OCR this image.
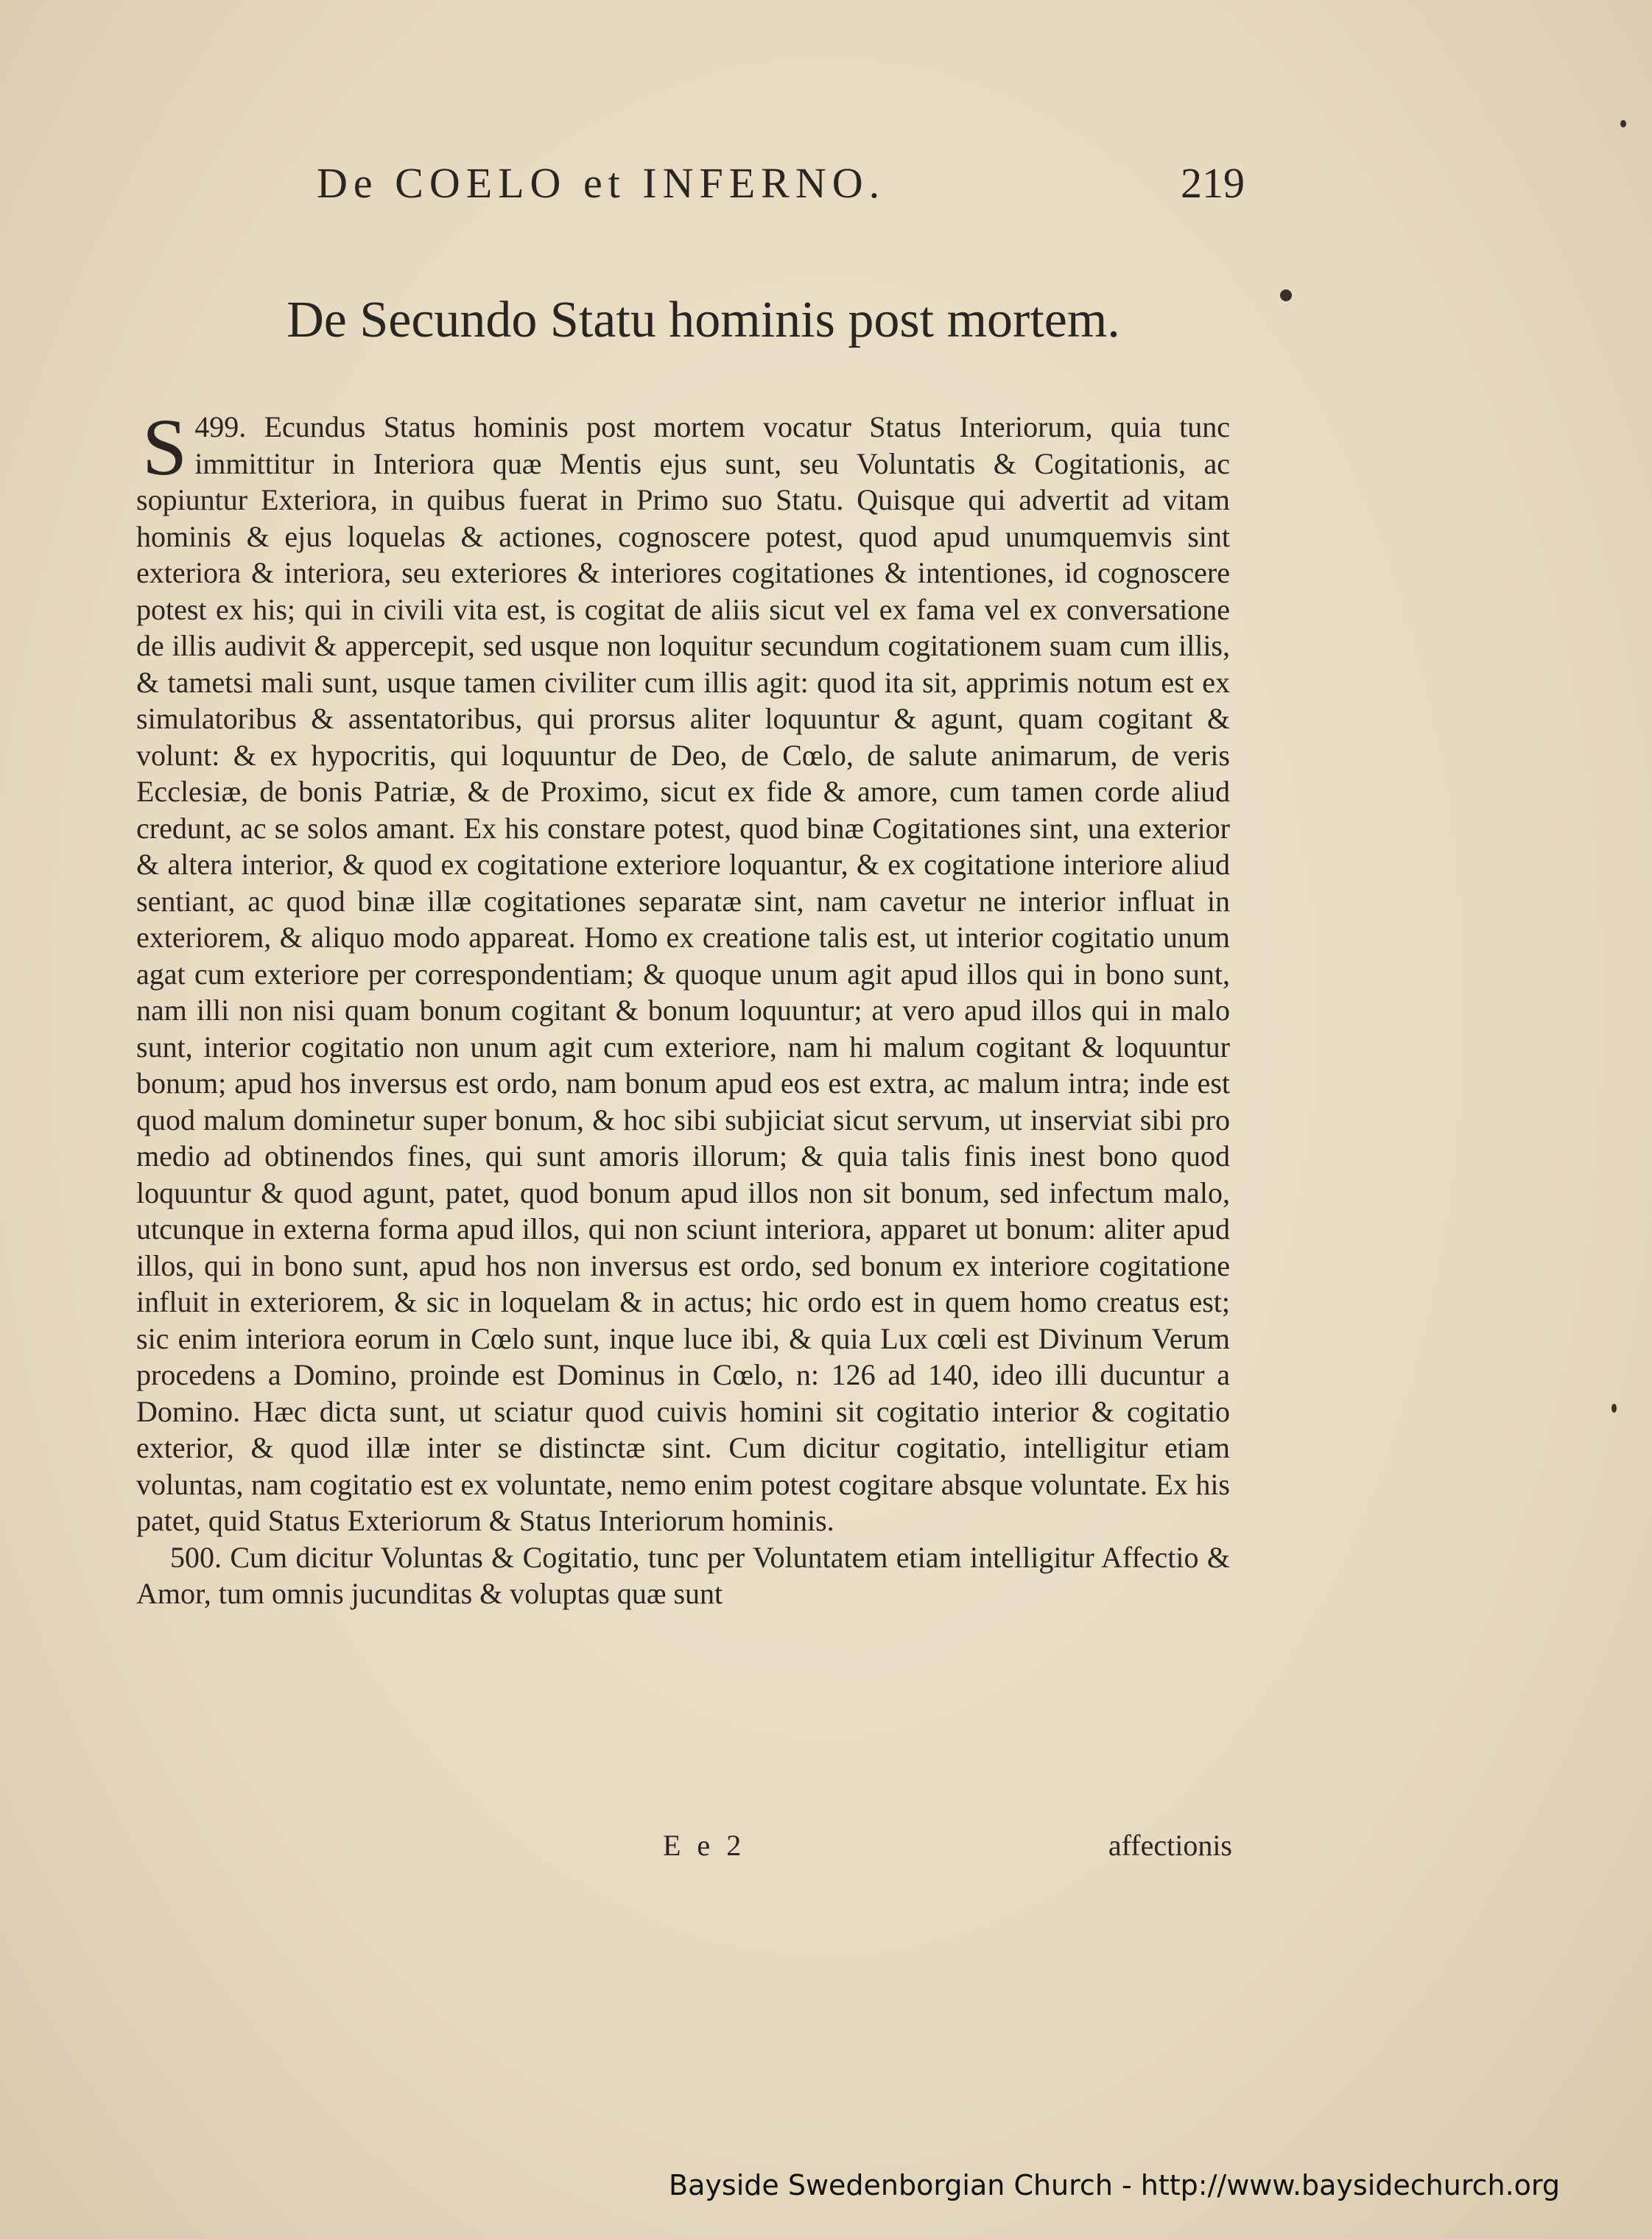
De COELO et INFERNO.	219
De Secundo Statu hominis post mortem.

499.
S	Ecundus Status hominis post mortem vocatur Status Interiorum, quia tunc immittitur in Interiora quæ Mentis ejus sunt, seu Voluntatis & Cogitationis, ac sopiuntur Exteriora, in quibus fuerat in Primo suo Statu. Quisque qui advertit ad vitam hominis & ejus loquelas & actiones, cognoscere potest, quod apud unumquemvis sint exteriora & interiora, seu exteriores & interiores cogitationes & intentiones, id cognoscere potest ex his; qui in civili vita est, is cogitat de aliis sicut vel ex fama vel ex conversatione de illis audivit & appercepit, sed usque non loquitur secundum cogitationem suam cum illis, & tametsi mali sunt, usque tamen civiliter cum illis agit: quod ita sit, apprimis notum est ex simulatoribus & assentatoribus, qui prorsus aliter loquuntur & agunt, quam cogitant & volunt: & ex hypocritis, qui loquuntur de Deo, de Cœlo, de salute animarum, de veris Ecclesiæ, de bonis Patriæ, & de Proximo, sicut ex fide & amore, cum tamen corde aliud credunt, ac se solos amant. Ex his constare potest, quod binæ Cogitationes sint, una exterior & altera interior, & quod ex cogitatione exteriore loquantur, & ex cogitatione interiore aliud sentiant, ac quod binæ illæ cogitationes separatæ sint, nam cavetur ne interior influat in exteriorem, & aliquo modo appareat. Homo ex creatione talis est, ut interior cogitatio unum agat cum exteriore per correspondentiam; & quoque unum agit apud illos qui in bono sunt, nam illi non nisi quam bonum cogitant & bonum loquuntur; at vero apud illos qui in malo sunt, interior cogitatio non unum agit cum exteriore, nam hi malum cogitant & loquuntur bonum; apud hos inversus est ordo, nam bonum apud eos est extra, ac malum intra; inde est quod malum dominetur super bonum, & hoc sibi subjiciat sicut servum, ut inserviat sibi pro medio ad obtinendos fines, qui sunt amoris illorum; & quia talis finis inest bono quod loquuntur & quod agunt, patet, quod bonum apud illos non sit bonum, sed infectum malo, utcunque in externa forma apud illos, qui non sciunt interiora, apparet ut bonum: aliter apud illos, qui in bono sunt, apud hos non inversus est ordo, sed bonum ex interiore cogitatione influit in exteriorem, & sic in loquelam & in actus; hic ordo est in quem homo creatus est; sic enim interiora eorum in Cœlo sunt, inque luce ibi, & quia Lux cœli est Divinum Verum procedens a Domino, proinde est Dominus in Cœlo, n: 126 ad 140, ideo illi ducuntur a Domino. Hæc dicta sunt, ut sciatur quod cuivis homini sit cogitatio interior & cogitatio exterior, & quod illæ inter se distinctæ sint. Cum dicitur cogitatio, intelligitur etiam voluntas, nam cogitatio est ex voluntate, nemo enim potest cogitare absque voluntate. Ex his patet, quid Status Exteriorum & Status Interiorum hominis.

500. Cum dicitur Voluntas & Cogitatio, tunc per Voluntatem etiam intelligitur Affectio & Amor, tum omnis jucunditas & voluptas quæ sunt

E e 2	affectionis
Bayside Swedenborgian Church - http://www.baysidechurch.org
